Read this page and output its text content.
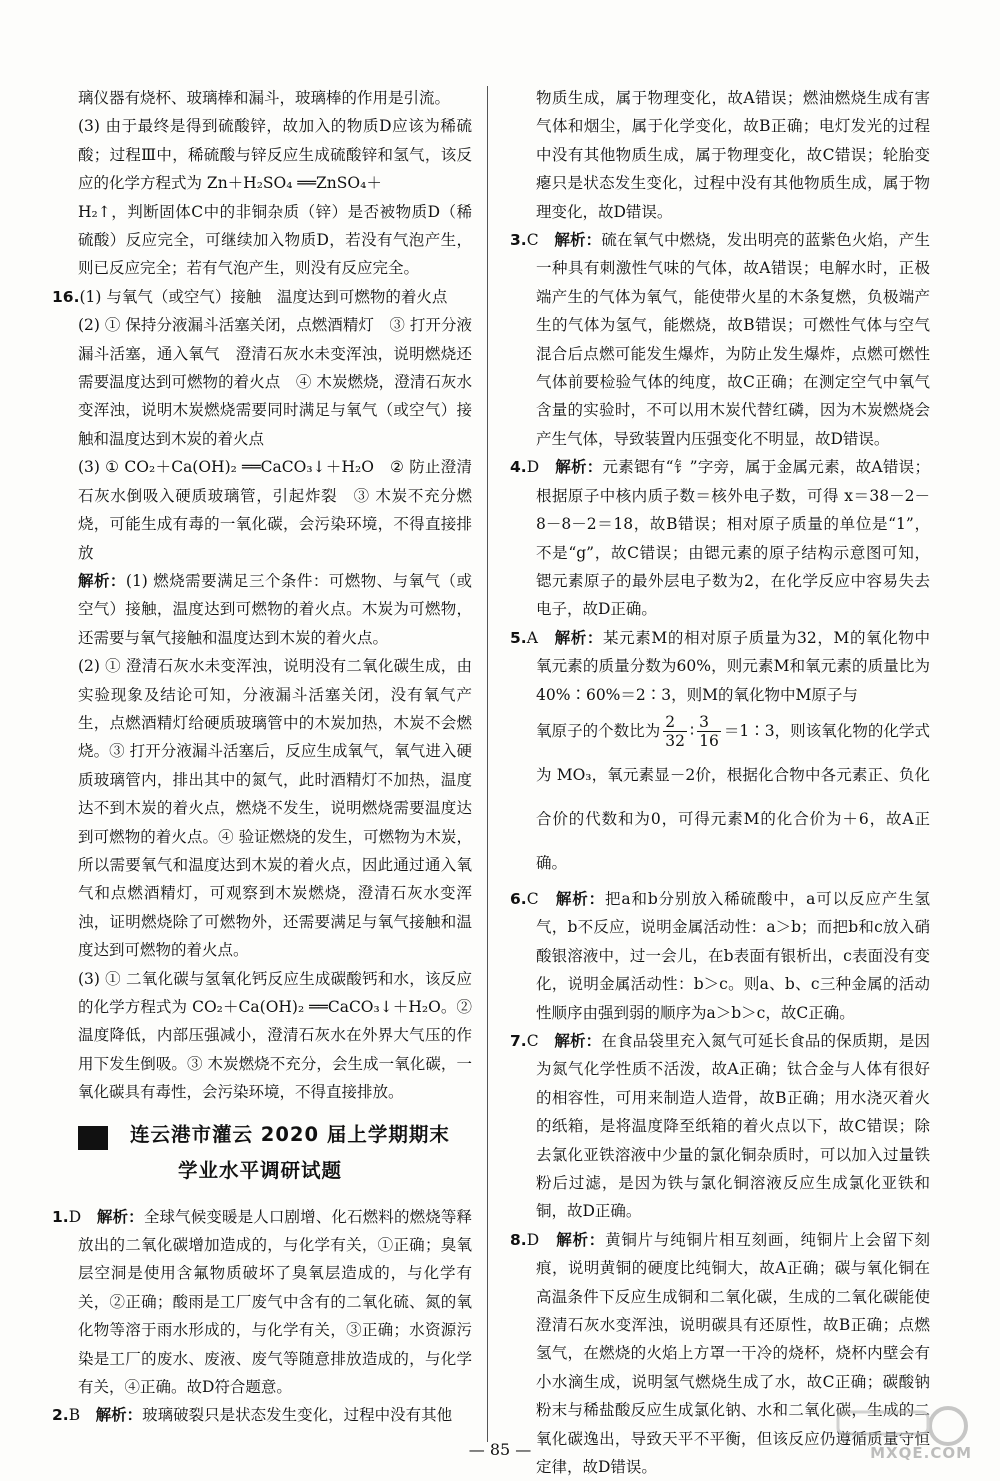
璃仪器有烧杯、玻璃棒和漏斗，玻璃棒的作用是引流。

(3) 由于最终是得到硫酸锌，故加入的物质D应该为稀硫酸；过程Ⅲ中，稀硫酸与锌反应生成硫酸锌和氢气，该反应的化学方程式为 Zn＋H₂SO₄ ══ZnSO₄＋

H₂↑，判断固体C中的非铜杂质（锌）是否被物质D（稀硫酸）反应完全，可继续加入物质D，若没有气泡产生，则已反应完全；若有气泡产生，则没有反应完全。

16.(1) 与氧气（或空气）接触　温度达到可燃物的着火点

(2) ① 保持分液漏斗活塞关闭，点燃酒精灯　③ 打开分液漏斗活塞，通入氧气　澄清石灰水未变浑浊，说明燃烧还需要温度达到可燃物的着火点　④ 木炭燃烧，澄清石灰水变浑浊，说明木炭燃烧需要同时满足与氧气（或空气）接触和温度达到木炭的着火点

(3) ① CO₂＋Ca(OH)₂ ══CaCO₃↓＋H₂O　② 防止澄清石灰水倒吸入硬质玻璃管，引起炸裂　③ 木炭不充分燃烧，可能生成有毒的一氧化碳，会污染环境，不得直接排放

解析：(1) 燃烧需要满足三个条件：可燃物、与氧气（或空气）接触，温度达到可燃物的着火点。木炭为可燃物，还需要与氧气接触和温度达到木炭的着火点。

(2) ① 澄清石灰水未变浑浊，说明没有二氧化碳生成，由实验现象及结论可知，分液漏斗活塞关闭，没有氧气产生，点燃酒精灯给硬质玻璃管中的木炭加热，木炭不会燃烧。③ 打开分液漏斗活塞后，反应生成氧气，氧气进入硬质玻璃管内，排出其中的氮气，此时酒精灯不加热，温度达不到木炭的着火点，燃烧不发生，说明燃烧需要温度达到可燃物的着火点。④ 验证燃烧的发生，可燃物为木炭，所以需要氧气和温度达到木炭的着火点，因此通过通入氧气和点燃酒精灯，可观察到木炭燃烧，澄清石灰水变浑浊，证明燃烧除了可燃物外，还需要满足与氧气接触和温度达到可燃物的着火点。

(3) ① 二氧化碳与氢氧化钙反应生成碳酸钙和水，该反应的化学方程式为 CO₂＋Ca(OH)₂ ══CaCO₃↓＋H₂O。② 温度降低，内部压强减小，澄清石灰水在外界大气压的作用下发生倒吸。③ 木炭燃烧不充分，会生成一氧化碳，一氧化碳具有毒性，会污染环境，不得直接排放。

连云港市灌云 2020 届上学期期末
学业水平调研试题

1.D　 解析：全球气候变暖是人口剧增、化石燃料的燃烧等释放出的二氧化碳增加造成的，与化学有关，①正确；臭氧层空洞是使用含氟物质破坏了臭氧层造成的，与化学有关，②正确；酸雨是工厂废气中含有的二氧化硫、氮的氧化物等溶于雨水形成的，与化学有关，③正确；水资源污染是工厂的废水、废液、废气等随意排放造成的，与化学有关，④正确。故D符合题意。

2.B　 解析：玻璃破裂只是状态发生变化，过程中没有其他

物质生成，属于物理变化，故A错误；燃油燃烧生成有害气体和烟尘，属于化学变化，故B正确；电灯发光的过程中没有其他物质生成，属于物理变化，故C错误；轮胎变瘪只是状态发生变化，过程中没有其他物质生成，属于物理变化，故D错误。

3.C　 解析：硫在氧气中燃烧，发出明亮的蓝紫色火焰，产生一种具有刺激性气味的气体，故A错误；电解水时，正极端产生的气体为氧气，能使带火星的木条复燃，负极端产生的气体为氢气，能燃烧，故B错误；可燃性气体与空气混合后点燃可能发生爆炸，为防止发生爆炸，点燃可燃性气体前要检验气体的纯度，故C正确；在测定空气中氧气含量的实验时，不可以用木炭代替红磷，因为木炭燃烧会产生气体，导致装置内压强变化不明显，故D错误。

4.D　 解析：元素锶有“钅”字旁，属于金属元素，故A错误；根据原子中核内质子数＝核外电子数，可得 x＝38－2－8－8－2＝18，故B错误；相对原子质量的单位是“1”，不是“g”，故C错误；由锶元素的原子结构示意图可知，锶元素原子的最外层电子数为2，在化学反应中容易失去电子，故D正确。

5.A　 解析：某元素M的相对原子质量为32，M的氧化物中氧元素的质量分数为60%，则元素M和氧元素的质量比为 40%∶60%＝2∶3，则M的氧化物中M原子与

氧原子的个数比为 $\frac{2}{32}$ ∶ $\frac{3}{16}$ ＝1∶3，则该氧化物的化学式为 MO₃，氧元素显－2价，根据化合物中各元素正、负化合价的代数和为0，可得元素M的化合价为＋6，故A正确。

6.C　 解析：把a和b分别放入稀硫酸中，a可以反应产生氢气，b不反应，说明金属活动性：a＞b；而把b和c放入硝酸银溶液中，过一会儿，在b表面有银析出，c表面没有变化，说明金属活动性：b＞c。则a、b、c三种金属的活动性顺序由强到弱的顺序为a＞b＞c，故C正确。

7.C　 解析：在食品袋里充入氮气可延长食品的保质期，是因为氮气化学性质不活泼，故A正确；钛合金与人体有很好的相容性，可用来制造人造骨，故B正确；用水浇灭着火的纸箱，是将温度降至纸箱的着火点以下，故C错误；除去氯化亚铁溶液中少量的氯化铜杂质时，可以加入过量铁粉后过滤，是因为铁与氯化铜溶液反应生成氯化亚铁和铜，故D正确。

8.D　 解析：黄铜片与纯铜片相互刻画，纯铜片上会留下刻痕，说明黄铜的硬度比纯铜大，故A正确；碳与氧化铜在高温条件下反应生成铜和二氧化碳，生成的二氧化碳能使澄清石灰水变浑浊，说明碳具有还原性，故B正确；点燃氢气，在燃烧的火焰上方罩一干冷的烧杯，烧杯内壁会有小水滴生成，说明氢气燃烧生成了水，故C正确；碳酸钠粉末与稀盐酸反应生成氯化钠、水和二氧化碳，生成的二氧化碳逸出，导致天平不平衡，但该反应仍遵循质量守恒定律，故D错误。

— 85 —	MXQE.COM
